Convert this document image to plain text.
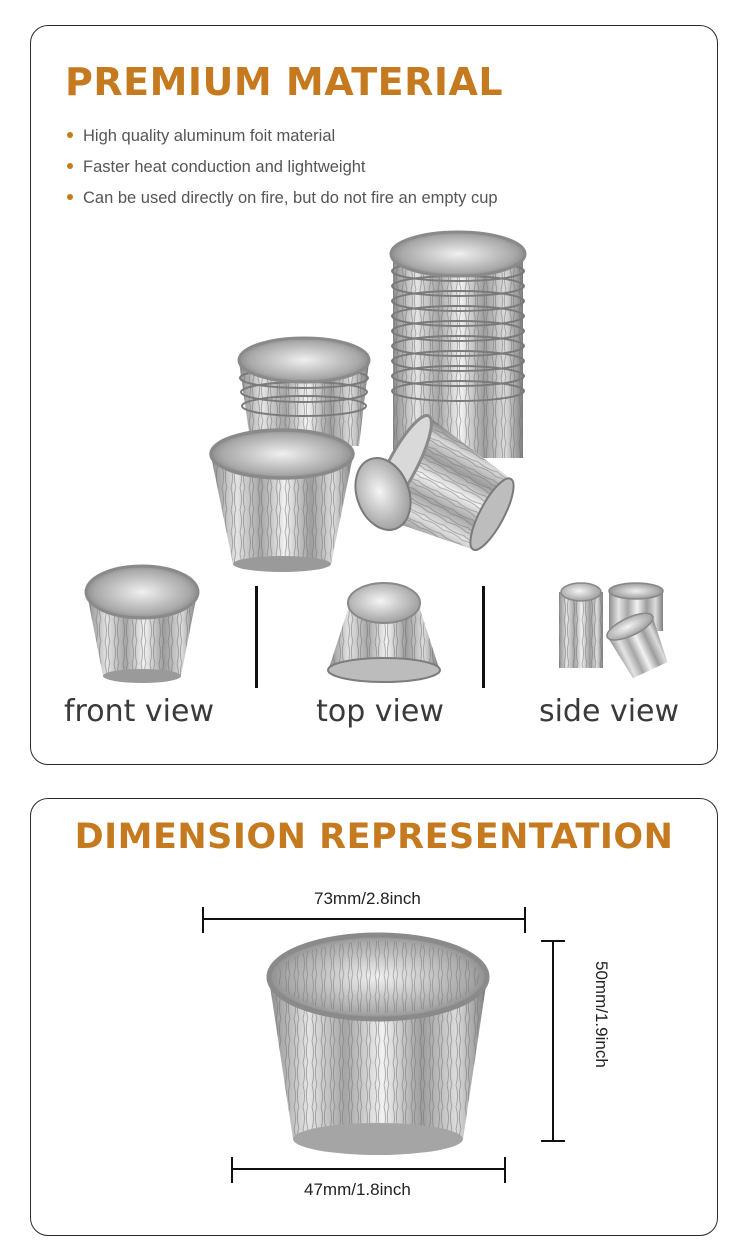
PREMIUM MATERIAL
High quality aluminum foit material
Faster heat conduction and lightweight
Can be used directly on fire, but do not fire an empty cup
front view	top view	side view
DIMENSION REPRESENTATION
73mm/2.8inch
50mm/1.9inch
47mm/1.8inch
